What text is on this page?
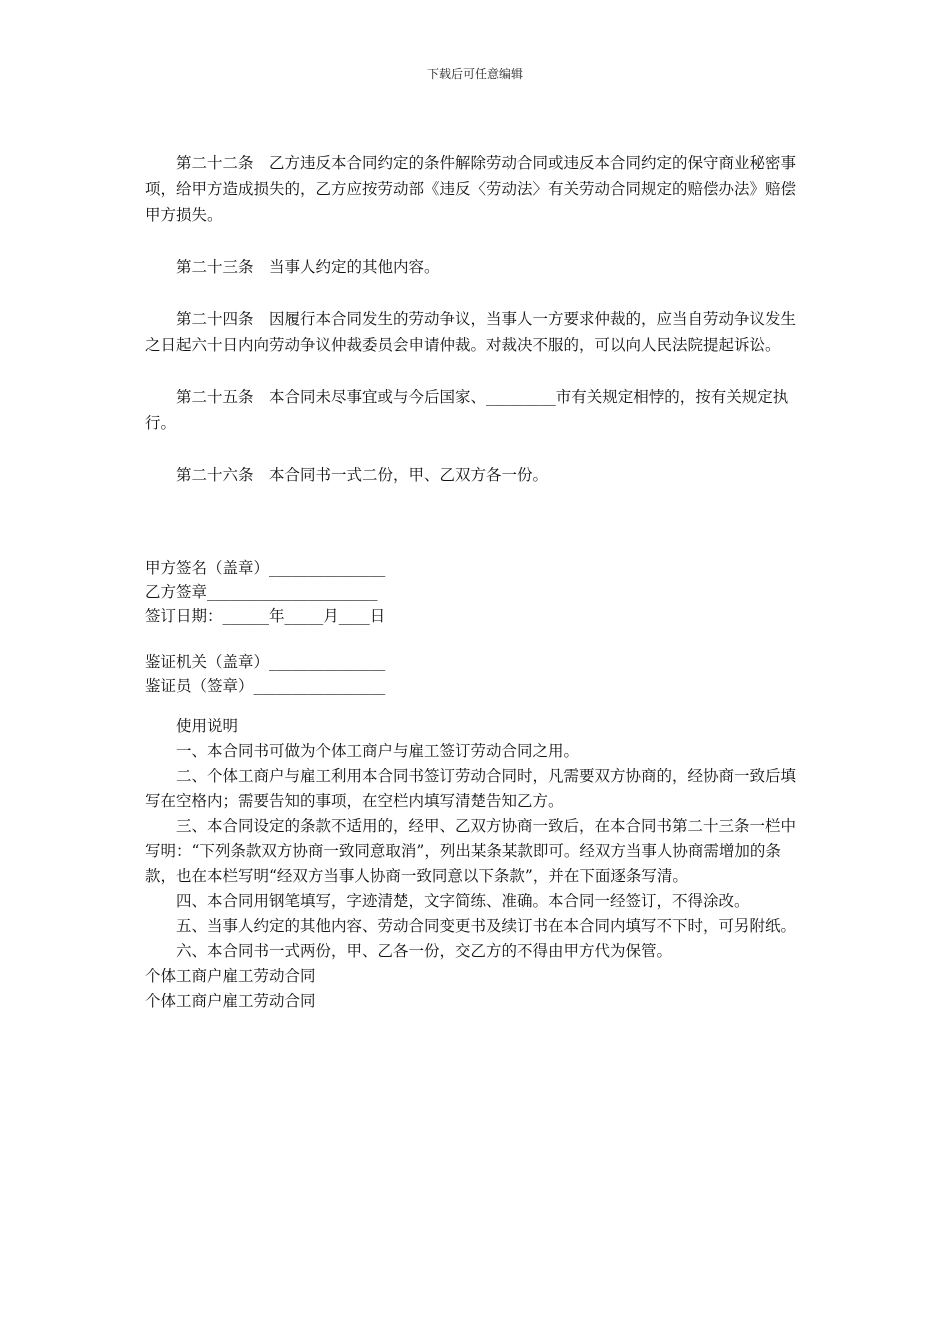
下载后可任意编辑

第二十二条　乙方违反本合同约定的条件解除劳动合同或违反本合同约定的保守商业秘密事项，给甲方造成损失的，乙方应按劳动部《违反〈劳动法〉有关劳动合同规定的赔偿办法》赔偿甲方损失。

第二十三条　当事人约定的其他内容。

第二十四条　因履行本合同发生的劳动争议，当事人一方要求仲裁的，应当自劳动争议发生之日起六十日内向劳动争议仲裁委员会申请仲裁。对裁决不服的，可以向人民法院提起诉讼。

第二十五条　本合同未尽事宜或与今后国家、_________市有关规定相悖的，按有关规定执行。

第二十六条　本合同书一式二份，甲、乙双方各一份。

甲方签名（盖章）_______________

乙方签章______________________

签订日期：______年_____月____日

鉴证机关（盖章）_______________

鉴证员（签章）_________________

使用说明

一、本合同书可做为个体工商户与雇工签订劳动合同之用。

二、个体工商户与雇工利用本合同书签订劳动合同时，凡需要双方协商的，经协商一致后填写在空格内；需要告知的事项，在空栏内填写清楚告知乙方。

三、本合同设定的条款不适用的，经甲、乙双方协商一致后，在本合同书第二十三条一栏中写明：“下列条款双方协商一致同意取消”，列出某条某款即可。经双方当事人协商需增加的条款，也在本栏写明“经双方当事人协商一致同意以下条款”，并在下面逐条写清。

四、本合同用钢笔填写，字迹清楚，文字简练、准确。本合同一经签订，不得涂改。

五、当事人约定的其他内容、劳动合同变更书及续订书在本合同内填写不下时，可另附纸。

六、本合同书一式两份，甲、乙各一份，交乙方的不得由甲方代为保管。

个体工商户雇工劳动合同

个体工商户雇工劳动合同
